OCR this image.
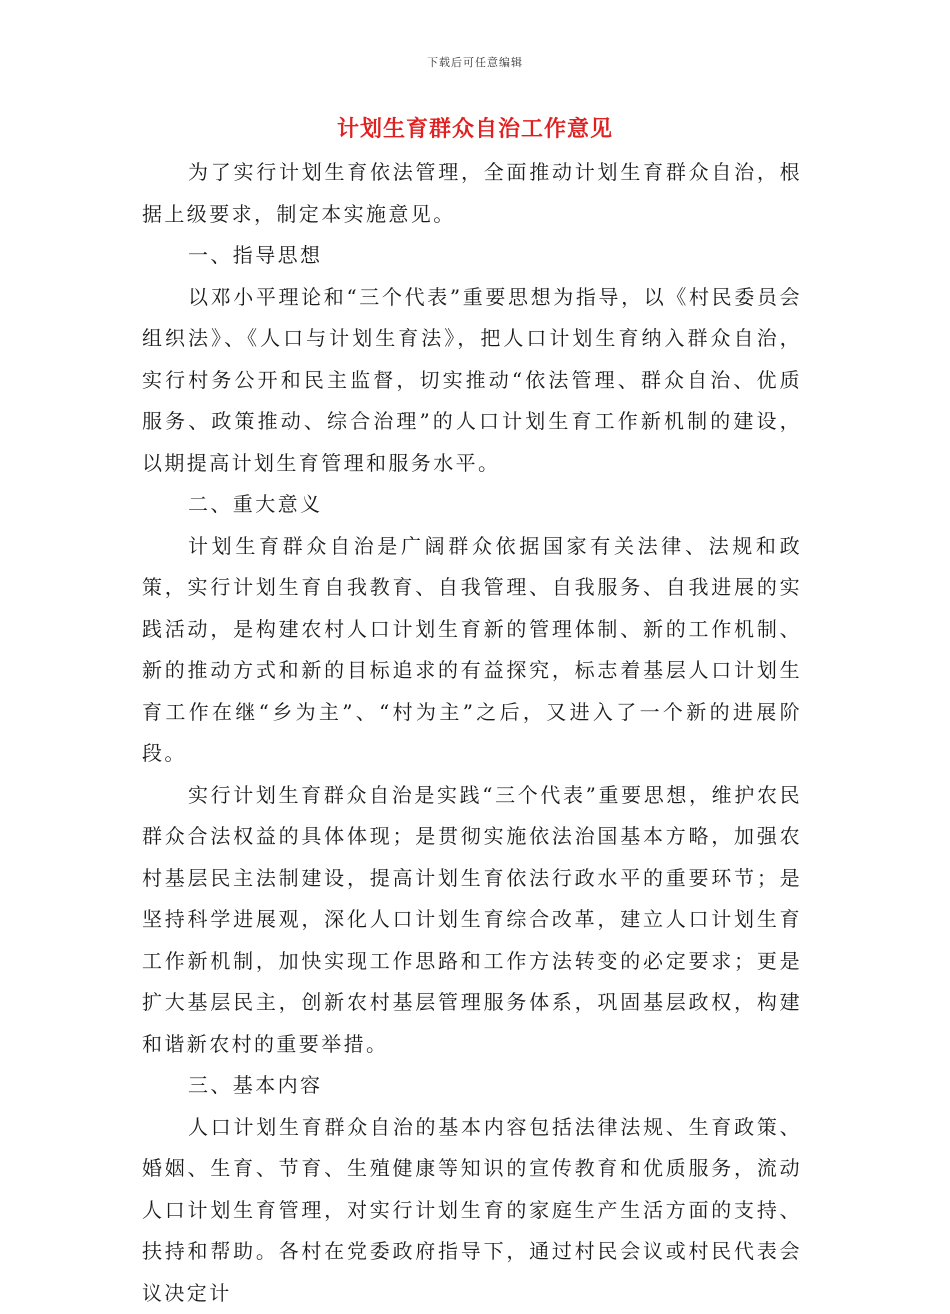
下载后可任意编辑
计划生育群众自治工作意见

为了实行计划生育依法管理，全面推动计划生育群众自治，根据上级要求，制定本实施意见。

一、指导思想

以邓小平理论和“三个代表”重要思想为指导，以《村民委员会组织法》、《人口与计划生育法》，把人口计划生育纳入群众自治，实行村务公开和民主监督，切实推动“依法管理、群众自治、优质服务、政策推动、综合治理”的人口计划生育工作新机制的建设，以期提高计划生育管理和服务水平。

二、重大意义

计划生育群众自治是广阔群众依据国家有关法律、法规和政策，实行计划生育自我教育、自我管理、自我服务、自我进展的实践活动，是构建农村人口计划生育新的管理体制、新的工作机制、新的推动方式和新的目标追求的有益探究，标志着基层人口计划生育工作在继“乡为主”、“村为主”之后，又进入了一个新的进展阶段。

实行计划生育群众自治是实践“三个代表”重要思想，维护农民群众合法权益的具体体现；是贯彻实施依法治国基本方略，加强农村基层民主法制建设，提高计划生育依法行政水平的重要环节；是坚持科学进展观，深化人口计划生育综合改革，建立人口计划生育工作新机制，加快实现工作思路和工作方法转变的必定要求；更是扩大基层民主，创新农村基层管理服务体系，巩固基层政权，构建和谐新农村的重要举措。

三、基本内容

人口计划生育群众自治的基本内容包括法律法规、生育政策、婚姻、生育、节育、生殖健康等知识的宣传教育和优质服务，流动人口计划生育管理，对实行计划生育的家庭生产生活方面的支持、扶持和帮助。各村在党委政府指导下，通过村民会议或村民代表会议决定计
